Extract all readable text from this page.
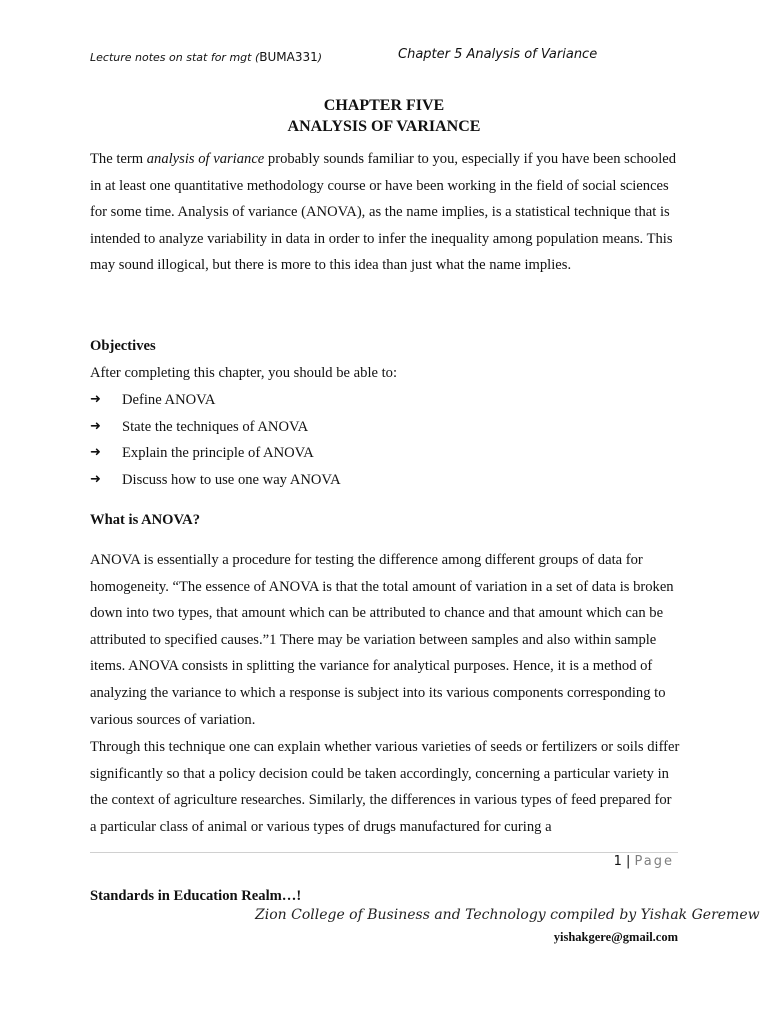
Lecture notes on stat for mgt (BUMA331)	Chapter 5 Analysis of Variance
CHAPTER FIVE
ANALYSIS OF VARIANCE

The term analysis of variance probably sounds familiar to you, especially if you have been schooled in at least one quantitative methodology course or have been working in the field of social sciences for some time. Analysis of variance (ANOVA), as the name implies, is a statistical technique that is intended to analyze variability in data in order to infer the inequality among population means. This may sound illogical, but there is more to this idea than just what the name implies.

Objectives

After completing this chapter, you should be able to:

➜	Define ANOVA
➜	State the techniques of ANOVA
➜	Explain the principle of ANOVA
➜	Discuss how to use one way ANOVA
What is ANOVA?

ANOVA is essentially a procedure for testing the difference among different groups of data for homogeneity. “The essence of ANOVA is that the total amount of variation in a set of data is broken down into two types, that amount which can be attributed to chance and that amount which can be attributed to specified causes.”1 There may be variation between samples and also within sample items. ANOVA consists in splitting the variance for analytical purposes. Hence, it is a method of analyzing the variance to which a response is subject into its various components corresponding to various sources of variation.

Through this technique one can explain whether various varieties of seeds or fertilizers or soils differ significantly so that a policy decision could be taken accordingly, concerning a particular variety in the context of agriculture researches. Similarly, the differences in various types of feed prepared for a particular class of animal or various types of drugs manufactured for curing a

1 | Page
Standards in Education Realm…!
Zion College of Business and Technology compiled by Yishak Geremew
yishakgere@gmail.com
